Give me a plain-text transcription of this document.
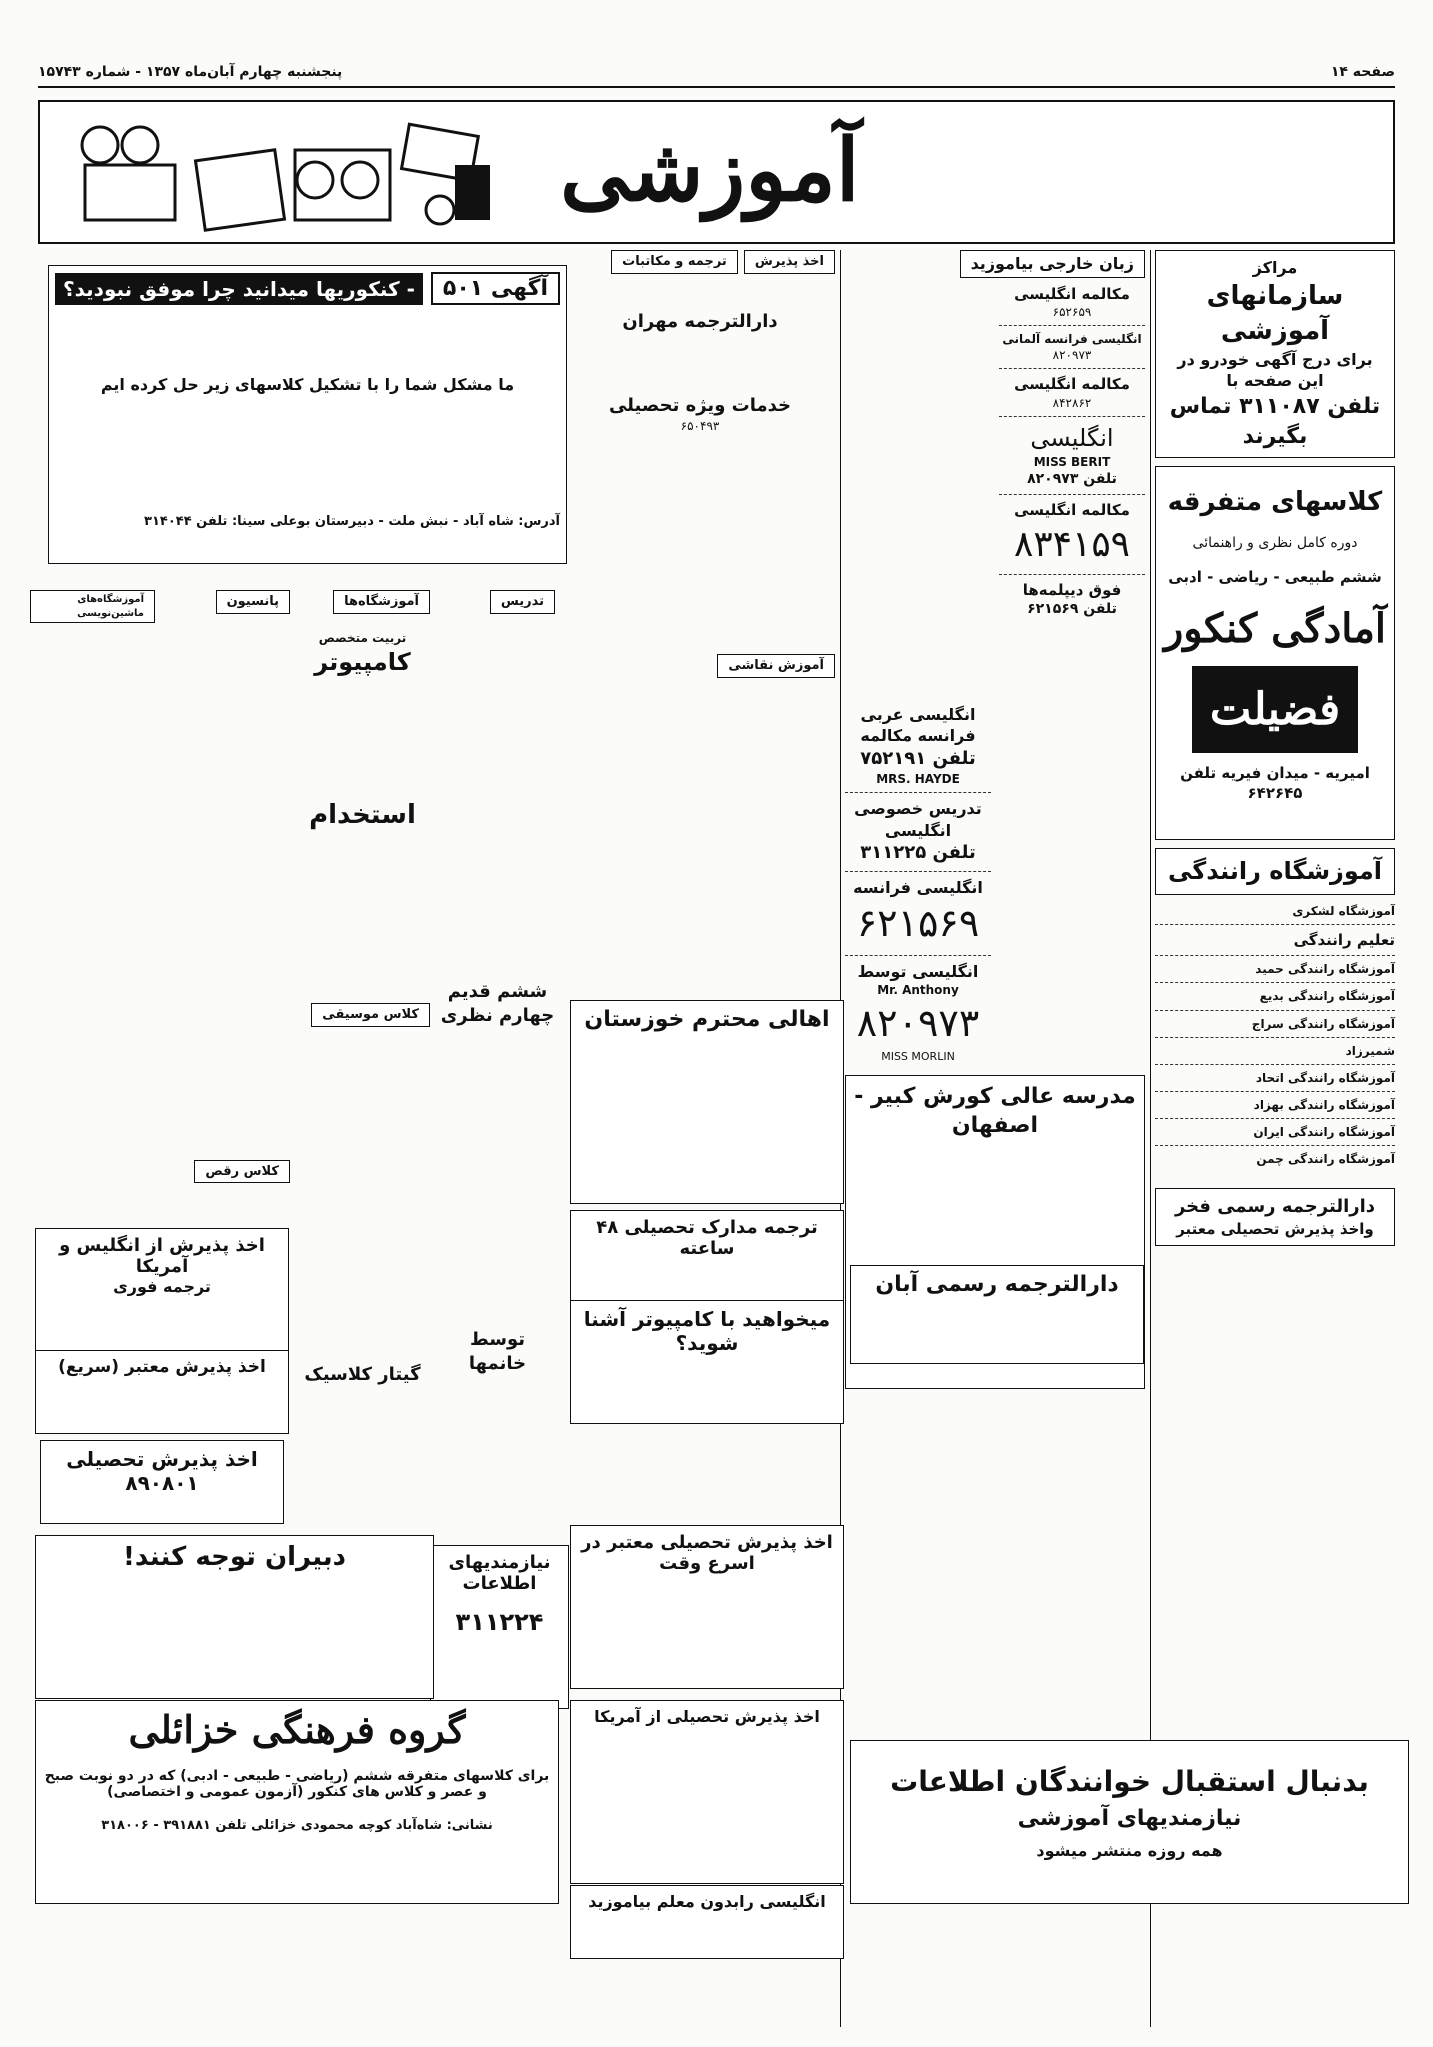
صفحه ۱۴
پنجشنبه چهارم آبان‌ماه ۱۳۵۷ - شماره ۱۵۷۴۳
آموزشی
مراکز
سازمانهای آموزشی
برای درج آگهی خودرو در این صفحه با
تلفن ۳۱۱۰۸۷ تماس بگیرند
کلاسهای متفرقه
دوره کامل نظری و راهنمائی
ششم طبیعی - ریاضی - ادبی
آمادگی کنکور
فضیلت
امیریه - میدان فیریه تلفن ۶۴۲۶۴۵
آموزشگاه رانندگی
آموزشگاه لشکری
تعلیم رانندگی
آموزشگاه رانندگی حمید
آموزشگاه رانندگی بدیع
آموزشگاه رانندگی سراج
شمیرزاد
آموزشگاه رانندگی اتحاد
آموزشگاه رانندگی بهزاد
آموزشگاه رانندگی ایران
آموزشگاه رانندگی چمن
دارالترجمه رسمی فخر
واخذ پذیرش تحصیلی معتبر
زبان خارجی بیاموزید
مکالمه انگلیسی
۶۵۲۶۵۹
انگلیسی فرانسه آلمانی
۸۲۰۹۷۳
مکالمه انگلیسی
۸۴۲۸۶۲
انگلیسی
MISS BERIT
تلفن ۸۲۰۹۷۳
مکالمه انگلیسی
۸۳۴۱۵۹
فوق دیپلمه‌ها
تلفن ۶۲۱۵۶۹
انگلیسی عربی فرانسه مکالمه
تلفن ۷۵۲۱۹۱
MRS. HAYDE
تدریس خصوصی انگلیسی
تلفن ۳۱۱۲۲۵
انگلیسی فرانسه
۶۲۱۵۶۹
انگلیسی توسط
Mr. Anthony
۸۲۰۹۷۳
MISS MORLIN
مدرسه عالی کورش کبیر - اصفهان
آگهی ۵۰۱
- کنکوریها میدانید چرا موفق نبودید؟
ما مشکل شما را با تشکیل کلاسهای زیر حل کرده ایم
آدرس: شاه آباد - نبش ملت - دبیرستان بوعلی سینا: تلفن ۳۱۴۰۴۴
اخذ پذیرش
ترجمه و مکاتبات
دارالترجمه مهران
خدمات ویژه تحصیلی
۶۵۰۴۹۳
آموزش نقاشی
اهالی محترم خوزستان
ترجمه مدارک تحصیلی ۴۸ ساعته
میخواهید با کامپیوتر آشنا شوید؟
اخذ پذیرش تحصیلی معتبر در اسرع وقت
اخذ پذیرش تحصیلی از آمریکا
انگلیسی رابدون معلم بیاموزید
دارالترجمه رسمی آبان
تدریس
ششم قدیم چهارم نظری
توسط خانمها
آموزشگاه‌ها
تربیت متخصص
کامپیوتر
استخدام
کلاس موسیقی
گیتار کلاسیک
پانسیون کلاس رقص
آموزشگاه‌های ماشین‌نویسی
نیازمندیهای اطلاعات
۳۱۱۲۲۴
اخذ پذیرش از انگلیس و آمریکا
ترجمه فوری
اخذ پذیرش معتبر (سریع)
اخذ پذیرش تحصیلی
۸۹۰۸۰۱
دبیران توجه کنند!
گروه فرهنگی خزائلی
برای کلاسهای متفرقه ششم (ریاضی - طبیعی - ادبی) که در دو نوبت صبح و عصر و کلاس های کنکور (آزمون عمومی و اختصاصی)
نشانی: شاه‌آباد کوچه محمودی خزائلی تلفن ۳۹۱۸۸۱ - ۳۱۸۰۰۶
بدنبال استقبال خوانندگان اطلاعات
نیازمندیهای آموزشی
همه روزه منتشر میشود
